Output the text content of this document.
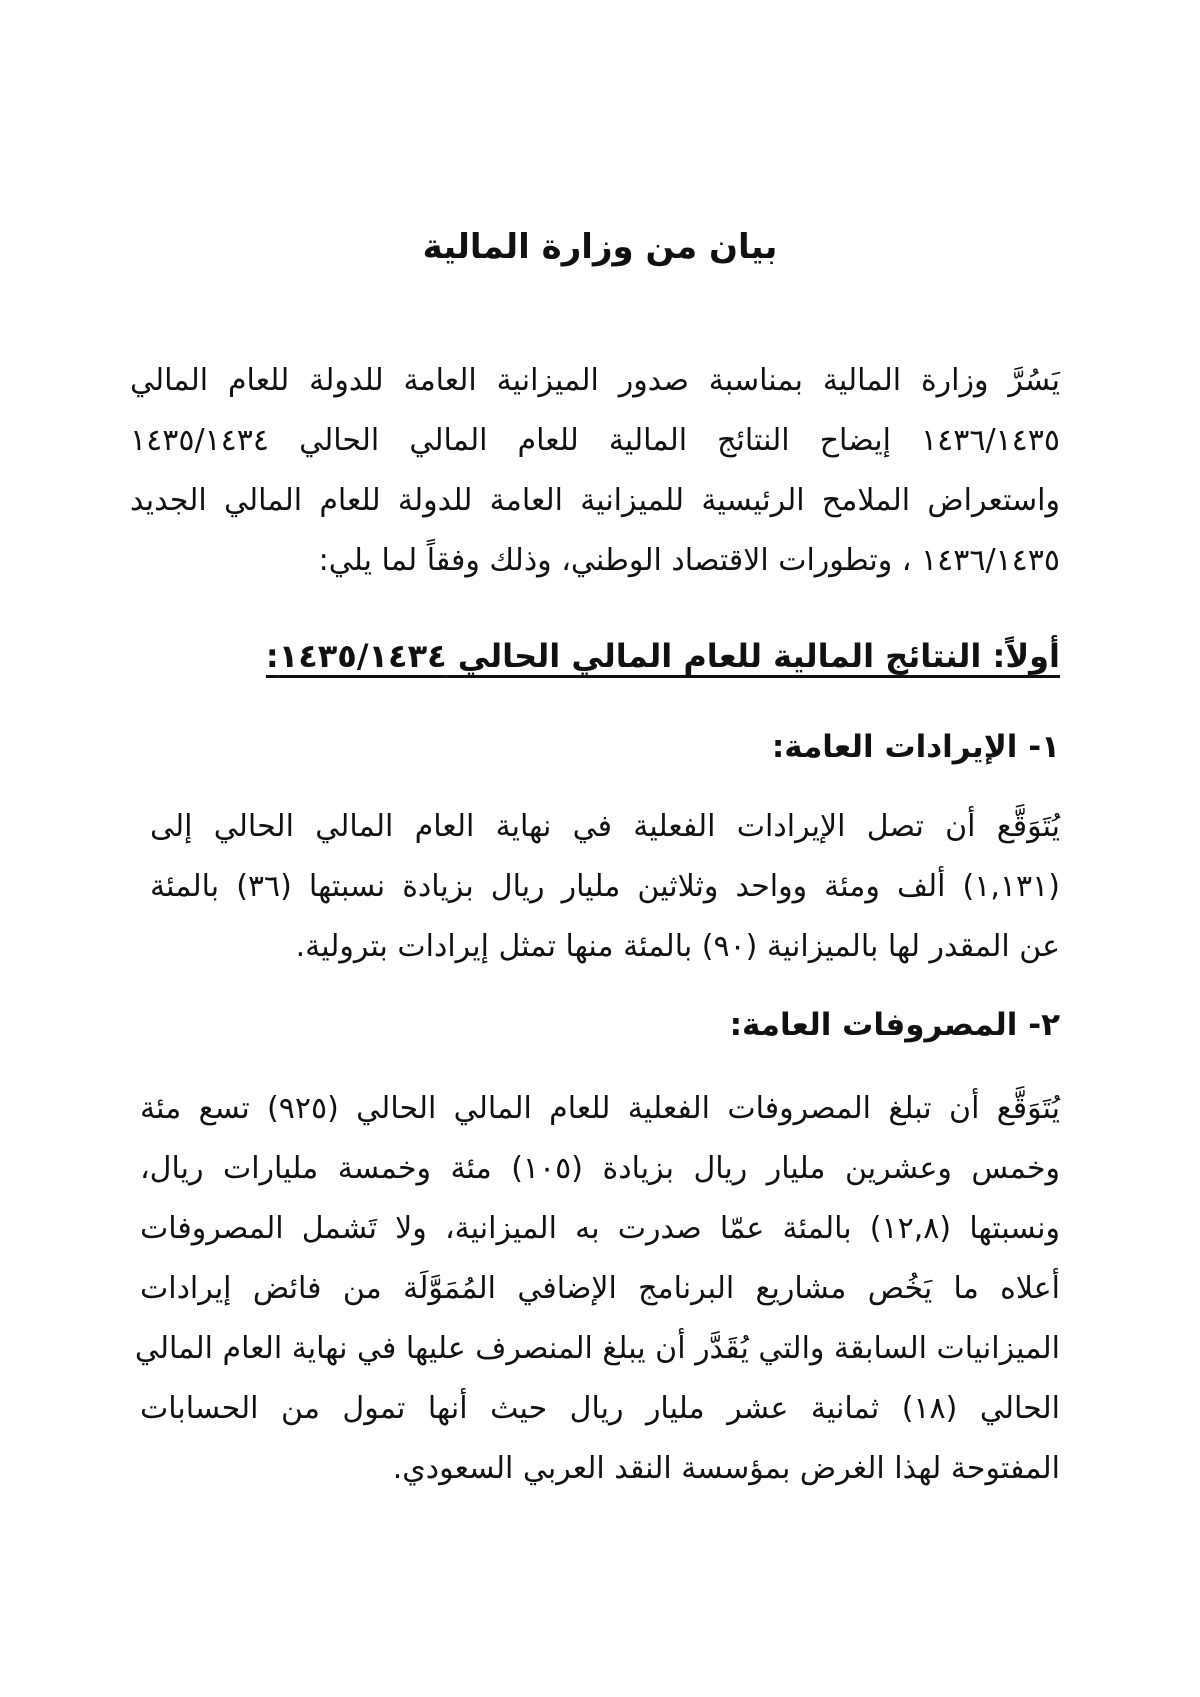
بيان من وزارة المالية

يَسُرَّ وزارة المالية بمناسبة صدور الميزانية العامة للدولة للعام المالي
١٤٣٦/١٤٣٥ إيضاح النتائج المالية للعام المالي الحالي ١٤٣٥/١٤٣٤
واستعراض الملامح الرئيسية للميزانية العامة للدولة للعام المالي الجديد
١٤٣٦/١٤٣٥ ، وتطورات الاقتصاد الوطني، وذلك وفقاً لما يلي:

أولاً: النتائج المالية للعام المالي الحالي ١٤٣٥/١٤٣٤:
١- الإيرادات العامة:

يُتَوَقَّع أن تصل الإيرادات الفعلية في نهاية العام المالي الحالي إلى
(١,١٣١) ألف ومئة وواحد وثلاثين مليار ريال بزيادة نسبتها (٣٦) بالمئة
عن المقدر لها بالميزانية (٩٠) بالمئة منها تمثل إيرادات بترولية.

٢- المصروفات العامة:

يُتَوَقَّع أن تبلغ المصروفات الفعلية للعام المالي الحالي (٩٢٥) تسع مئة
وخمس وعشرين مليار ريال بزيادة (١٠٥) مئة وخمسة مليارات ريال،
ونسبتها (١٢,٨) بالمئة عمّا صدرت به الميزانية، ولا تَشمل المصروفات
أعلاه ما يَخُص مشاريع البرنامج الإضافي المُمَوَّلَة من فائض إيرادات
الميزانيات السابقة والتي يُقَدَّر أن يبلغ المنصرف عليها في نهاية العام المالي
الحالي (١٨) ثمانية عشر مليار ريال حيث أنها تمول من الحسابات
المفتوحة لهذا الغرض بمؤسسة النقد العربي السعودي.
